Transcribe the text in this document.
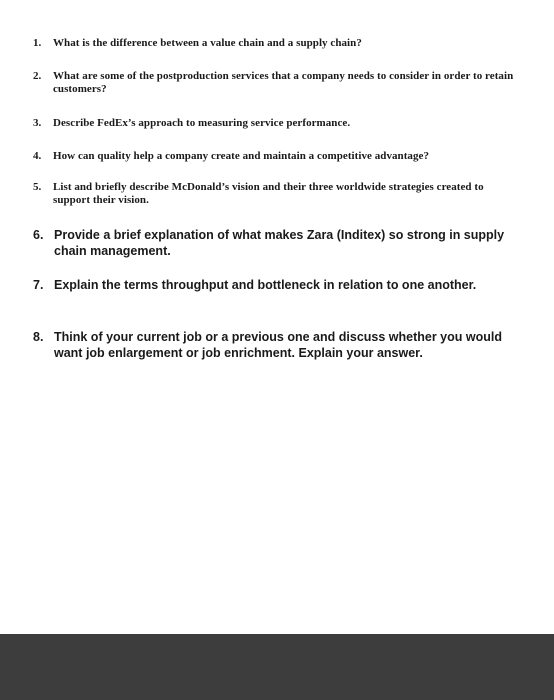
1.	What is the difference between a value chain and a supply chain?
2.	What are some of the postproduction services that a company needs to consider in order to retain customers?
3.	Describe FedEx’s approach to measuring service performance.
4.	How can quality help a company create and maintain a competitive advantage?
5.	List and briefly describe McDonald’s vision and their three worldwide strategies created to support their vision.
6. Provide a brief explanation of what makes Zara (Inditex) so strong in supply chain management.
7. Explain the terms throughput and bottleneck in relation to one another.
8. Think of your current job or a previous one and discuss whether you would want job enlargement or job enrichment. Explain your answer.
